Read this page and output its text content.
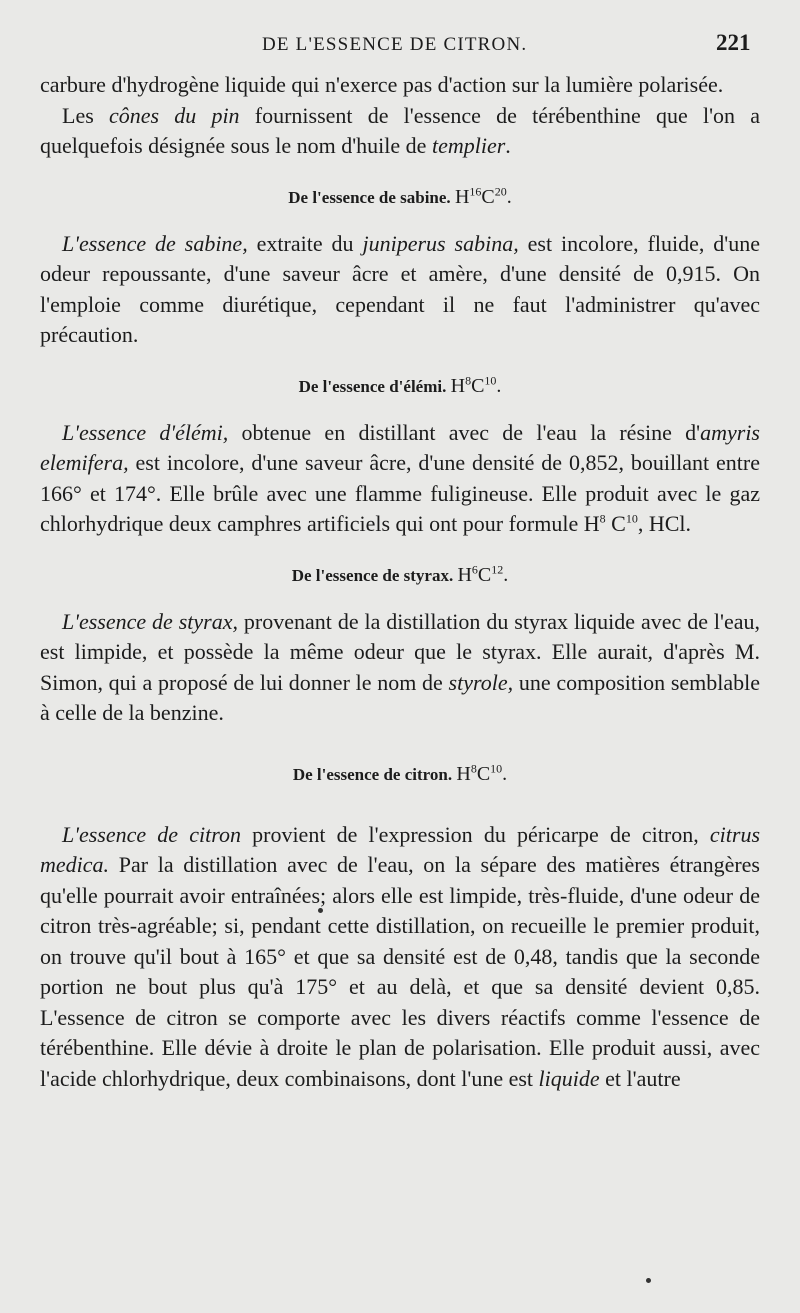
DE L'ESSENCE DE CITRON.	221

carbure d'hydrogène liquide qui n'exerce pas d'action sur la lumière polarisée.

Les cônes du pin fournissent de l'essence de térébenthine que l'on a quelquefois désignée sous le nom d'huile de templier.

De l'essence de sabine. $H^{16}C^{20}$.

L'essence de sabine, extraite du juniperus sabina, est incolore, fluide, d'une odeur repoussante, d'une saveur âcre et amère, d'une densité de 0,915. On l'emploie comme diurétique, cependant il ne faut l'administrer qu'avec précaution.

De l'essence d'élémi. $H^8C^{10}$.

L'essence d'élémi, obtenue en distillant avec de l'eau la résine d'amyris elemifera, est incolore, d'une saveur âcre, d'une densité de 0,852, bouillant entre 166° et 174°. Elle brûle avec une flamme fuligineuse. Elle produit avec le gaz chlorhydrique deux camphres artificiels qui ont pour formule $H^8$ $C^{10}$, HCl.

De l'essence de styrax. $H^6C^{12}$.

L'essence de styrax, provenant de la distillation du styrax liquide avec de l'eau, est limpide, et possède la même odeur que le styrax. Elle aurait, d'après M. Simon, qui a proposé de lui donner le nom de styrole, une composition semblable à celle de la benzine.

De l'essence de citron. $H^8C^{10}$.

L'essence de citron provient de l'expression du péricarpe de citron, citrus medica. Par la distillation avec de l'eau, on la sépare des matières étrangères qu'elle pourrait avoir entraînées; alors elle est limpide, très-fluide, d'une odeur de citron très-agréable; si, pendant cette distillation, on recueille le premier produit, on trouve qu'il bout à 165° et que sa densité est de 0,48, tandis que la seconde portion ne bout plus qu'à 175° et au delà, et que sa densité devient 0,85. L'essence de citron se comporte avec les divers réactifs comme l'essence de térébenthine. Elle dévie à droite le plan de polarisation. Elle produit aussi, avec l'acide chlorhydrique, deux combinaisons, dont l'une est liquide et l'autre
